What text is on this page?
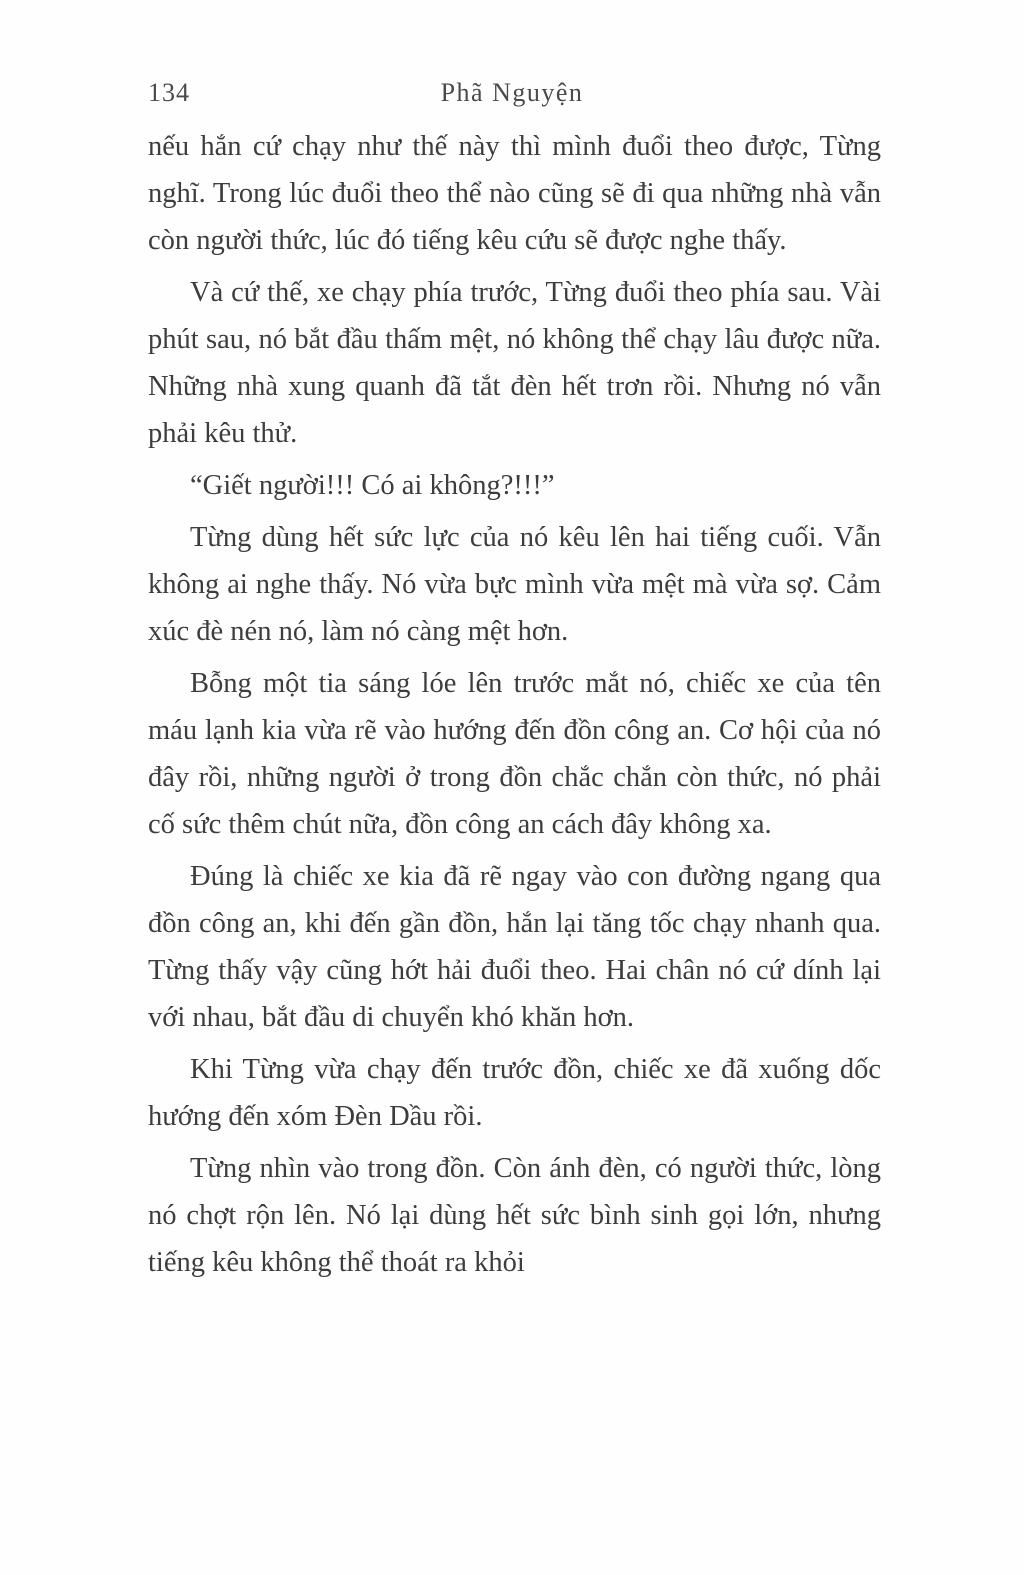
134	Phã Nguyện

nếu hắn cứ chạy như thế này thì mình đuổi theo được, Từng nghĩ. Trong lúc đuổi theo thể nào cũng sẽ đi qua những nhà vẫn còn người thức, lúc đó tiếng kêu cứu sẽ được nghe thấy.

Và cứ thế, xe chạy phía trước, Từng đuổi theo phía sau. Vài phút sau, nó bắt đầu thấm mệt, nó không thể chạy lâu được nữa. Những nhà xung quanh đã tắt đèn hết trơn rồi. Nhưng nó vẫn phải kêu thử.

“Giết người!!! Có ai không?!!!”

Từng dùng hết sức lực của nó kêu lên hai tiếng cuối. Vẫn không ai nghe thấy. Nó vừa bực mình vừa mệt mà vừa sợ. Cảm xúc đè nén nó, làm nó càng mệt hơn.

Bỗng một tia sáng lóe lên trước mắt nó, chiếc xe của tên máu lạnh kia vừa rẽ vào hướng đến đồn công an. Cơ hội của nó đây rồi, những người ở trong đồn chắc chắn còn thức, nó phải cố sức thêm chút nữa, đồn công an cách đây không xa.

Đúng là chiếc xe kia đã rẽ ngay vào con đường ngang qua đồn công an, khi đến gần đồn, hắn lại tăng tốc chạy nhanh qua. Từng thấy vậy cũng hớt hải đuổi theo. Hai chân nó cứ dính lại với nhau, bắt đầu di chuyển khó khăn hơn.

Khi Từng vừa chạy đến trước đồn, chiếc xe đã xuống dốc hướng đến xóm Đèn Dầu rồi.

Từng nhìn vào trong đồn. Còn ánh đèn, có người thức, lòng nó chợt rộn lên. Nó lại dùng hết sức bình sinh gọi lớn, nhưng tiếng kêu không thể thoát ra khỏi
